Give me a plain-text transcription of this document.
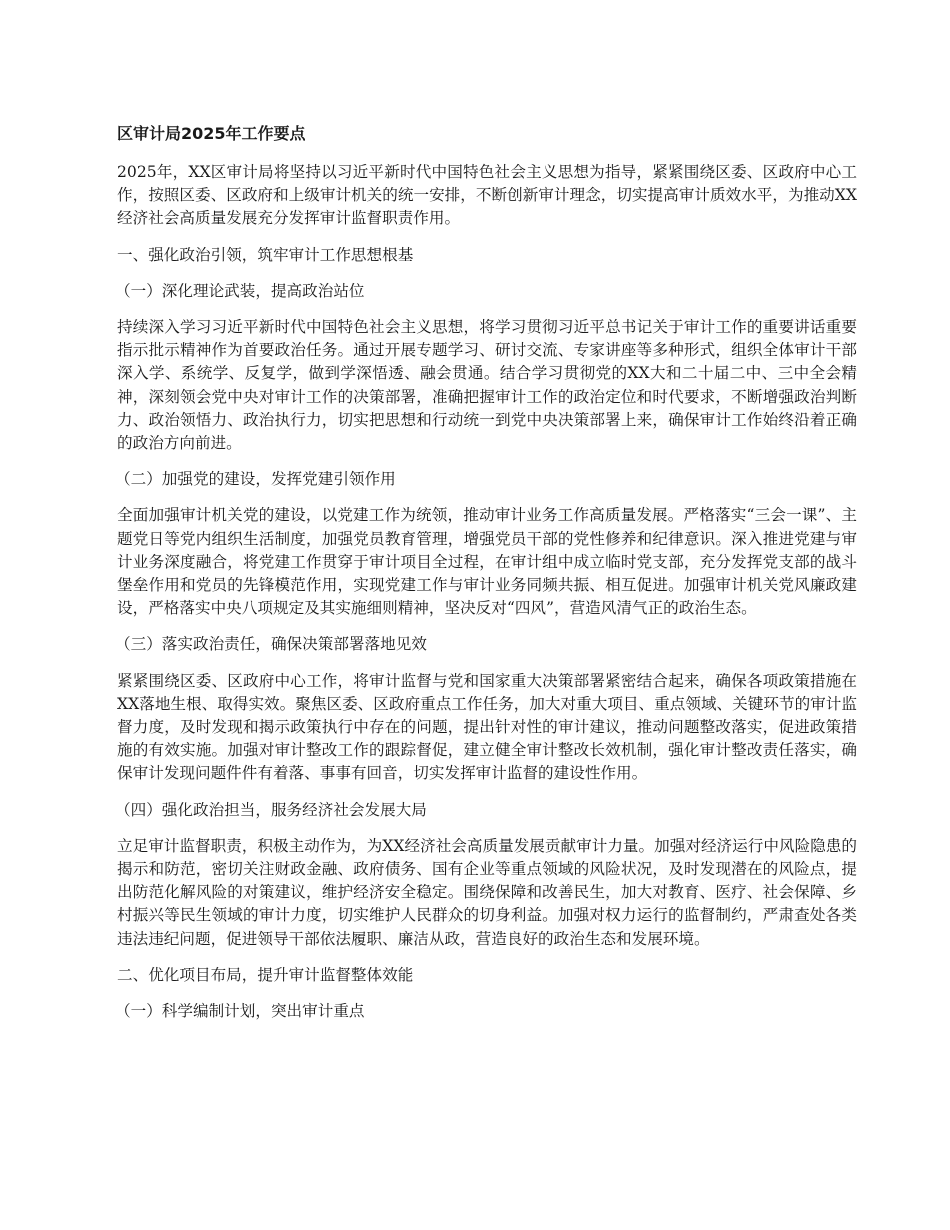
区审计局2025年工作要点
2025年，XX区审计局将坚持以习近平新时代中国特色社会主义思想为指导，紧紧围绕区委、区政府中心工作，按照区委、区政府和上级审计机关的统一安排，不断创新审计理念，切实提高审计质效水平，为推动XX经济社会高质量发展充分发挥审计监督职责作用。
一、强化政治引领，筑牢审计工作思想根基
（一）深化理论武装，提高政治站位
持续深入学习习近平新时代中国特色社会主义思想，将学习贯彻习近平总书记关于审计工作的重要讲话重要指示批示精神作为首要政治任务。通过开展专题学习、研讨交流、专家讲座等多种形式，组织全体审计干部深入学、系统学、反复学，做到学深悟透、融会贯通。结合学习贯彻党的XX大和二十届二中、三中全会精神，深刻领会党中央对审计工作的决策部署，准确把握审计工作的政治定位和时代要求，不断增强政治判断力、政治领悟力、政治执行力，切实把思想和行动统一到党中央决策部署上来，确保审计工作始终沿着正确的政治方向前进。
（二）加强党的建设，发挥党建引领作用
全面加强审计机关党的建设，以党建工作为统领，推动审计业务工作高质量发展。严格落实“三会一课”、主题党日等党内组织生活制度，加强党员教育管理，增强党员干部的党性修养和纪律意识。深入推进党建与审计业务深度融合，将党建工作贯穿于审计项目全过程，在审计组中成立临时党支部，充分发挥党支部的战斗堡垒作用和党员的先锋模范作用，实现党建工作与审计业务同频共振、相互促进。加强审计机关党风廉政建设，严格落实中央八项规定及其实施细则精神，坚决反对“四风”，营造风清气正的政治生态。
（三）落实政治责任，确保决策部署落地见效
紧紧围绕区委、区政府中心工作，将审计监督与党和国家重大决策部署紧密结合起来，确保各项政策措施在XX落地生根、取得实效。聚焦区委、区政府重点工作任务，加大对重大项目、重点领域、关键环节的审计监督力度，及时发现和揭示政策执行中存在的问题，提出针对性的审计建议，推动问题整改落实，促进政策措施的有效实施。加强对审计整改工作的跟踪督促，建立健全审计整改长效机制，强化审计整改责任落实，确保审计发现问题件件有着落、事事有回音，切实发挥审计监督的建设性作用。
（四）强化政治担当，服务经济社会发展大局
立足审计监督职责，积极主动作为，为XX经济社会高质量发展贡献审计力量。加强对经济运行中风险隐患的揭示和防范，密切关注财政金融、政府债务、国有企业等重点领域的风险状况，及时发现潜在的风险点，提出防范化解风险的对策建议，维护经济安全稳定。围绕保障和改善民生，加大对教育、医疗、社会保障、乡村振兴等民生领域的审计力度，切实维护人民群众的切身利益。加强对权力运行的监督制约，严肃查处各类违法违纪问题，促进领导干部依法履职、廉洁从政，营造良好的政治生态和发展环境。
二、优化项目布局，提升审计监督整体效能
（一）科学编制计划，突出审计重点
